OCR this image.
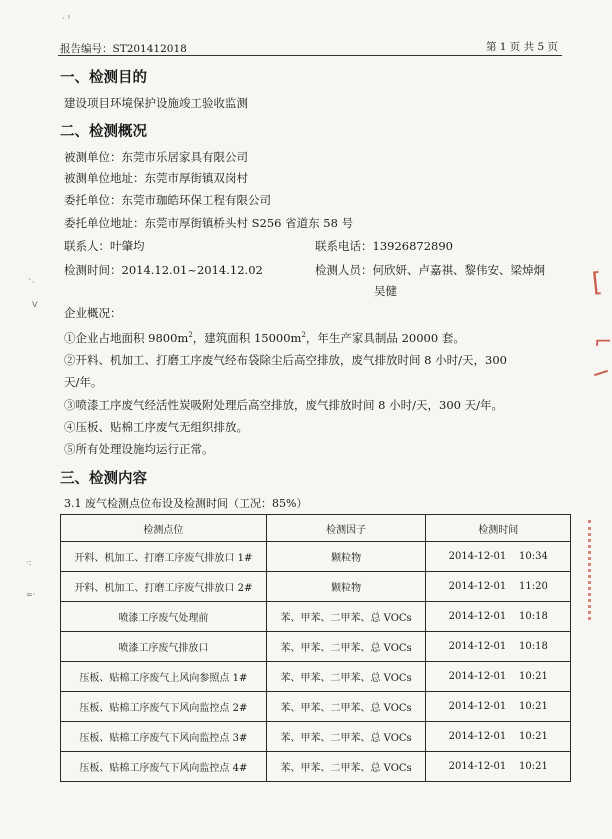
· ˀ
`·
ᐯ
·:
=·
[
⌐
报告编号：ST201412018	第 1 页 共 5 页
一、检测目的
建设项目环境保护设施竣工验收监测
二、检测概况
被测单位：东莞市乐居家具有限公司
被测单位地址：东莞市厚街镇双岗村
委托单位：东莞市珈皓环保工程有限公司
委托单位地址：东莞市厚街镇桥头村 S256 省道东 58 号
联系人：叶肇均	联系电话：13926872890
检测时间：2014.12.01~2014.12.02	检测人员：何欣妍、卢嘉祺、黎伟安、梁焯炯
吴健
企业概况：
①企业占地面积 $9800m^2$，建筑面积 $15000m^2$，年生产家具制品 20000 套。
②开料、机加工、打磨工序废气经布袋除尘后高空排放，废气排放时间 8 小时/天，300
天/年。
③喷漆工序废气经活性炭吸附处理后高空排放，废气排放时间 8 小时/天，300 天/年。
④压板、贴棉工序废气无组织排放。
⑤所有处理设施均运行正常。
三、检测内容
3.1 废气检测点位布设及检测时间（工况：85%）
检测点位	检测因子	检测时间
开料、机加工、打磨工序废气排放口 1#	颗粒物	2014-12-01    10:34
开料、机加工、打磨工序废气排放口 2#	颗粒物	2014-12-01    11:20
喷漆工序废气处理前	苯、甲苯、二甲苯、总 VOCs	2014-12-01    10:18
喷漆工序废气排放口	苯、甲苯、二甲苯、总 VOCs	2014-12-01    10:18
压板、贴棉工序废气上风向参照点 1#	苯、甲苯、二甲苯、总 VOCs	2014-12-01    10:21
压板、贴棉工序废气下风向监控点 2#	苯、甲苯、二甲苯、总 VOCs	2014-12-01    10:21
压板、贴棉工序废气下风向监控点 3#	苯、甲苯、二甲苯、总 VOCs	2014-12-01    10:21
压板、贴棉工序废气下风向监控点 4#	苯、甲苯、二甲苯、总 VOCs	2014-12-01    10:21
